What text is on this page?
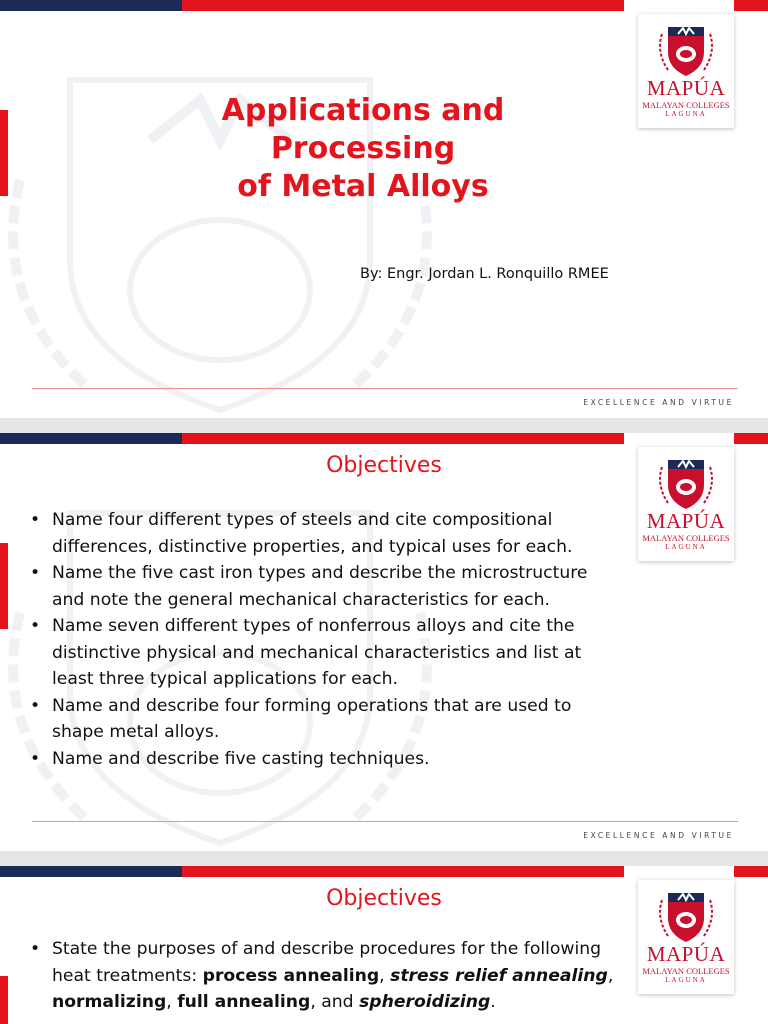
MAPÚA
MALAYAN COLLEGES
LAGUNA
Applications and
Processing
of Metal Alloys
By: Engr. Jordan L. Ronquillo RMEE
EXCELLENCE AND VIRTUE
MAPÚA
MALAYAN COLLEGES
LAGUNA
Objectives
• Name four different types of steels and cite compositional differences, distinctive properties, and typical uses for each.
• Name the five cast iron types and describe the microstructure and note the general mechanical characteristics for each.
• Name seven different types of nonferrous alloys and cite the distinctive physical and mechanical characteristics and list at least three typical applications for each.
• Name and describe four forming operations that are used to shape metal alloys.
• Name and describe five casting techniques.
EXCELLENCE AND VIRTUE
MAPÚA
MALAYAN COLLEGES
LAGUNA
Objectives
• State the purposes of and describe procedures for the following heat treatments: process annealing, stress relief annealing, normalizing, full annealing, and spheroidizing.
